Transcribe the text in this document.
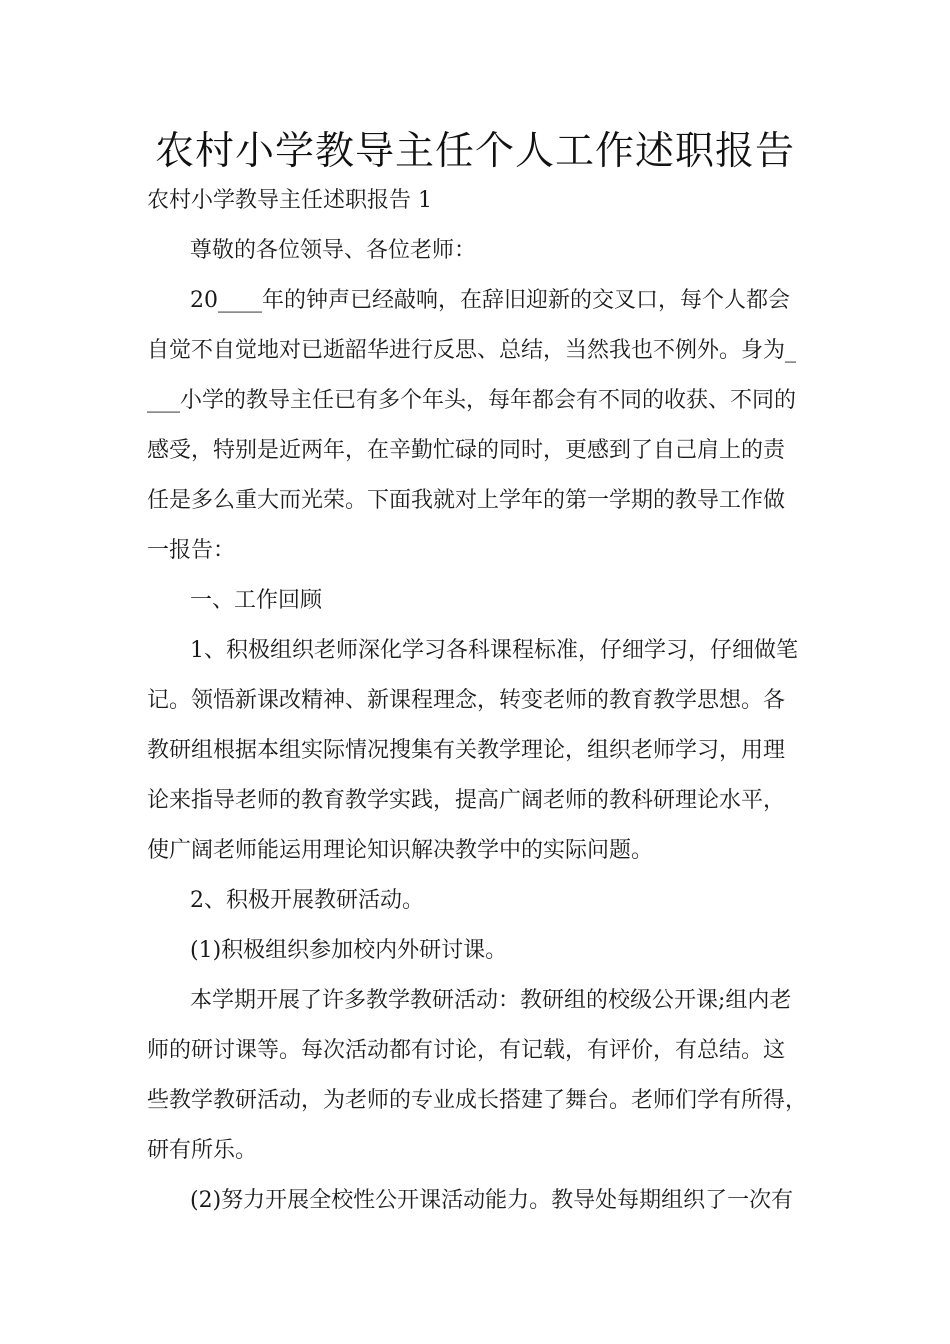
农村小学教导主任个人工作述职报告
农村小学教导主任述职报告 1
尊敬的各位领导、各位老师：
20____年的钟声已经敲响，在辞旧迎新的交叉口，每个人都会
自觉不自觉地对已逝韶华进行反思、总结，当然我也不例外。身为_
___小学的教导主任已有多个年头，每年都会有不同的收获、不同的
感受，特别是近两年，在辛勤忙碌的同时，更感到了自己肩上的责
任是多么重大而光荣。下面我就对上学年的第一学期的教导工作做
一报告：
一、工作回顾
1、积极组织老师深化学习各科课程标准，仔细学习，仔细做笔
记。领悟新课改精神、新课程理念，转变老师的教育教学思想。各
教研组根据本组实际情况搜集有关教学理论，组织老师学习，用理
论来指导老师的教育教学实践，提高广阔老师的教科研理论水平，
使广阔老师能运用理论知识解决教学中的实际问题。
2、积极开展教研活动。
(1)积极组织参加校内外研讨课。
本学期开展了许多教学教研活动：教研组的校级公开课;组内老
师的研讨课等。每次活动都有讨论，有记载，有评价，有总结。这
些教学教研活动，为老师的专业成长搭建了舞台。老师们学有所得，
研有所乐。
(2)努力开展全校性公开课活动能力。教导处每期组织了一次有
